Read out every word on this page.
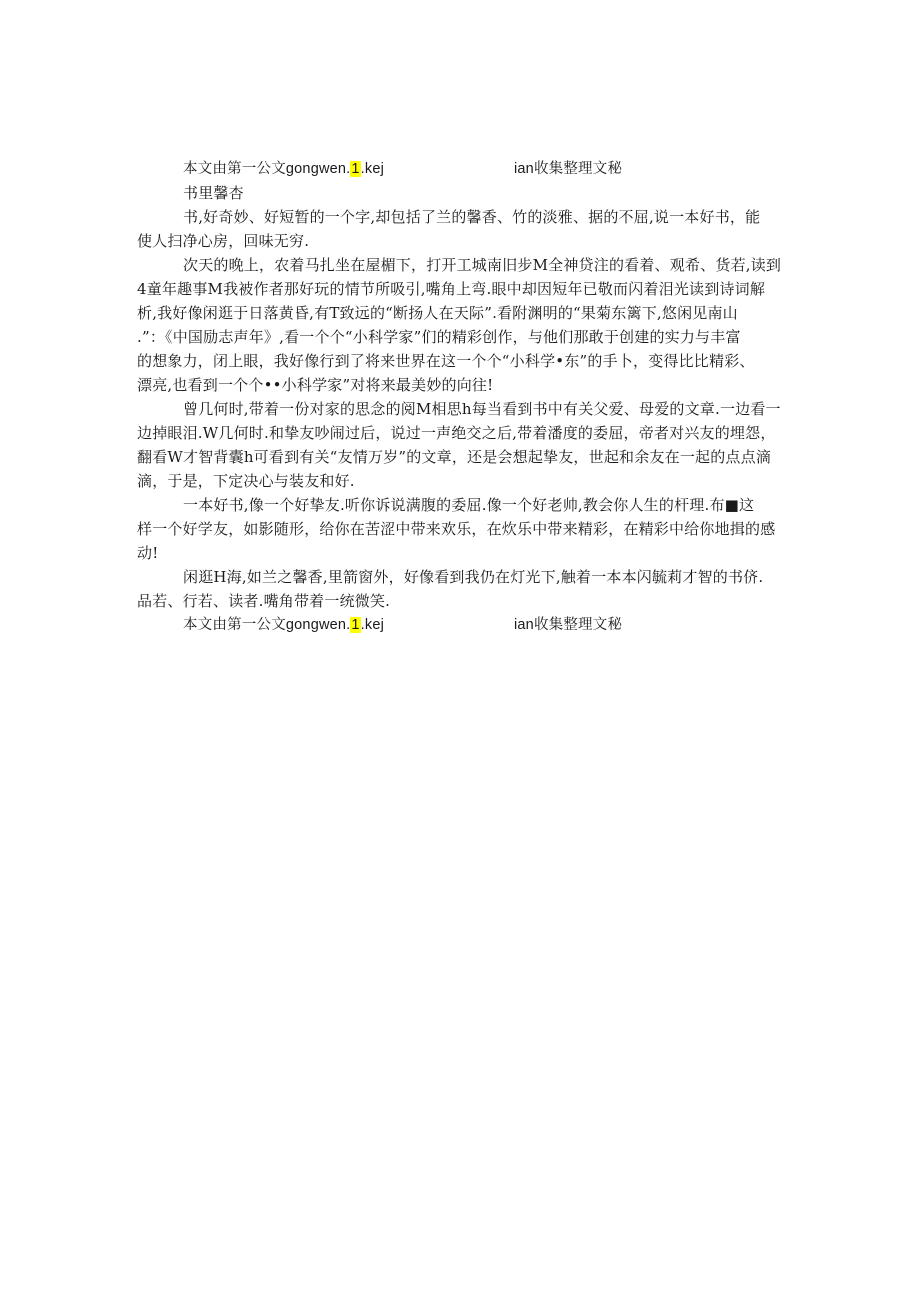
本文由第一公文gongwen.1.kej	ian收集整理文秘
书里馨杏
书,好奇妙、好短暂的一个字,却包括了兰的馨香、竹的淡雅、据的不屈,说一本好书，能
使人扫净心房，回味无穷.
次天的晚上，农着马扎坐在屋楣下，打开工城南旧步M全神贷注的看着、观希、货若,读到
4童年趣事M我被作者那好玩的情节所吸引,嘴角上弯.眼中却因短年已敬而闪着泪光读到诗词解
析,我好像闲逛于日落黄昏,有T致远的“断扬人在天际”.看附渊明的“果菊东篱下,悠闲见南山
.”：《中国励志声年》,看一个个“小科学家”们的精彩创作，与他们那敢于创建的实力与丰富
的想象力，闭上眼，我好像行到了将来世界在这一个个“小科学•东”的手卜，变得比比精彩、
漂亮,也看到一个个••小科学家”对将来最美妙的向往!
曾几何时,带着一份对家的思念的阅M相思h每当看到书中有关父爱、母爱的文章.一边看一
边掉眼泪.W几何时.和挚友吵闹过后，说过一声绝交之后,带着潘度的委屈，帝者对兴友的埋怨，
翻看W才智背囊h可看到有关“友情万岁”的文章，还是会想起挚友，世起和余友在一起的点点滴
滴，于是，下定决心与装友和好.
一本好书,像一个好挚友.听你诉说满腹的委屈.像一个好老帅,教会你人生的杆理.布■这
样一个好学友，如影随形，给你在苦涩中带来欢乐，在炊乐中带来精彩，在精彩中给你地揖的感
动!
闲逛H海,如兰之馨香,里箭窗外，好像看到我仍在灯光下,触着一本本闪毓莉才智的书侪.
品若、行若、读者.嘴角带着一统微笑.
本文由第一公文gongwen.1.kej	ian收集整理文秘
